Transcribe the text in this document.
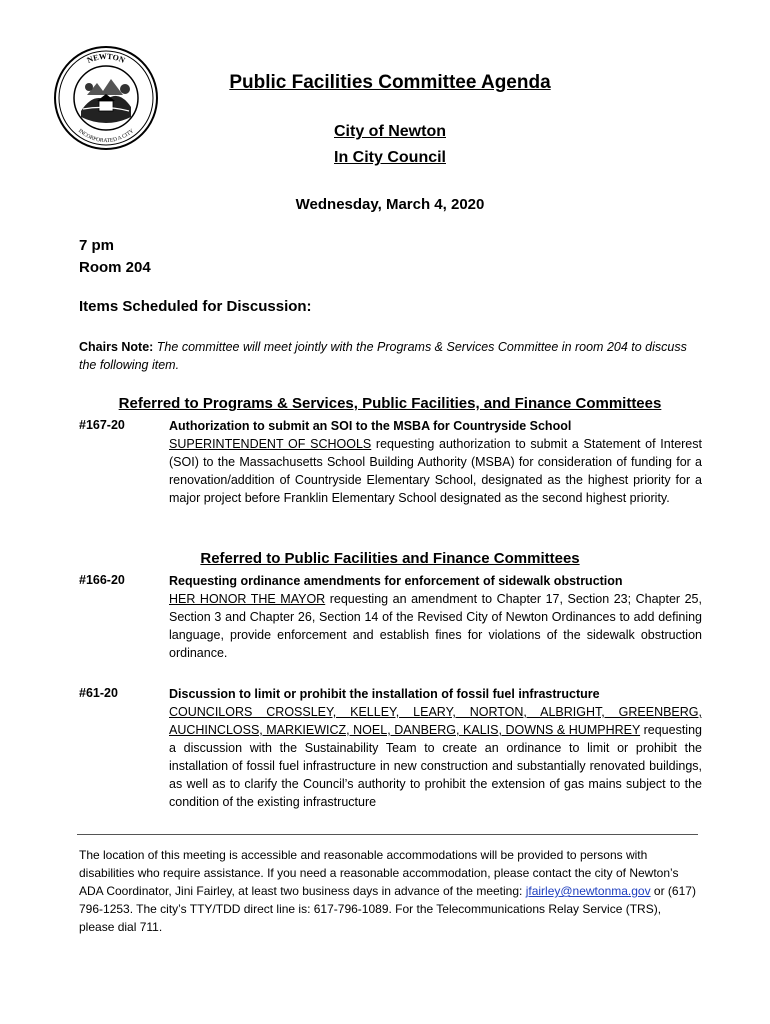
NEWTON
INCORPORATED A CITY
Public Facilities Committee Agenda
City of Newton
In City Council
Wednesday, March 4, 2020
7 pm
Room 204
Items Scheduled for Discussion:
Chairs Note: The committee will meet jointly with the Programs & Services Committee in room 204 to discuss the following item.
Referred to Programs & Services, Public Facilities, and Finance Committees
#167-20	Authorization to submit an SOI to the MSBA for Countryside School
SUPERINTENDENT OF SCHOOLS requesting authorization to submit a Statement of Interest (SOI) to the Massachusetts School Building Authority (MSBA) for consideration of funding for a renovation/addition of Countryside Elementary School, designated as the highest priority for a major project before Franklin Elementary School designated as the second highest priority.
Referred to Public Facilities and Finance Committees
#166-20	Requesting ordinance amendments for enforcement of sidewalk obstruction
HER HONOR THE MAYOR requesting an amendment to Chapter 17, Section 23; Chapter 25, Section 3 and Chapter 26, Section 14 of the Revised City of Newton Ordinances to add defining language, provide enforcement and establish fines for violations of the sidewalk obstruction ordinance.
#61-20	Discussion to limit or prohibit the installation of fossil fuel infrastructure
COUNCILORS CROSSLEY, KELLEY, LEARY, NORTON, ALBRIGHT, GREENBERG, AUCHINCLOSS, MARKIEWICZ, NOEL, DANBERG, KALIS, DOWNS & HUMPHREY requesting a discussion with the Sustainability Team to create an ordinance to limit or prohibit the installation of fossil fuel infrastructure in new construction and substantially renovated buildings, as well as to clarify the Council’s authority to prohibit the extension of gas mains subject to the condition of the existing infrastructure
The location of this meeting is accessible and reasonable accommodations will be provided to persons with disabilities who require assistance. If you need a reasonable accommodation, please contact the city of Newton’s ADA Coordinator, Jini Fairley, at least two business days in advance of the meeting: jfairley@newtonma.gov or (617) 796-1253. The city’s TTY/TDD direct line is: 617-796-1089. For the Telecommunications Relay Service (TRS), please dial 711.
